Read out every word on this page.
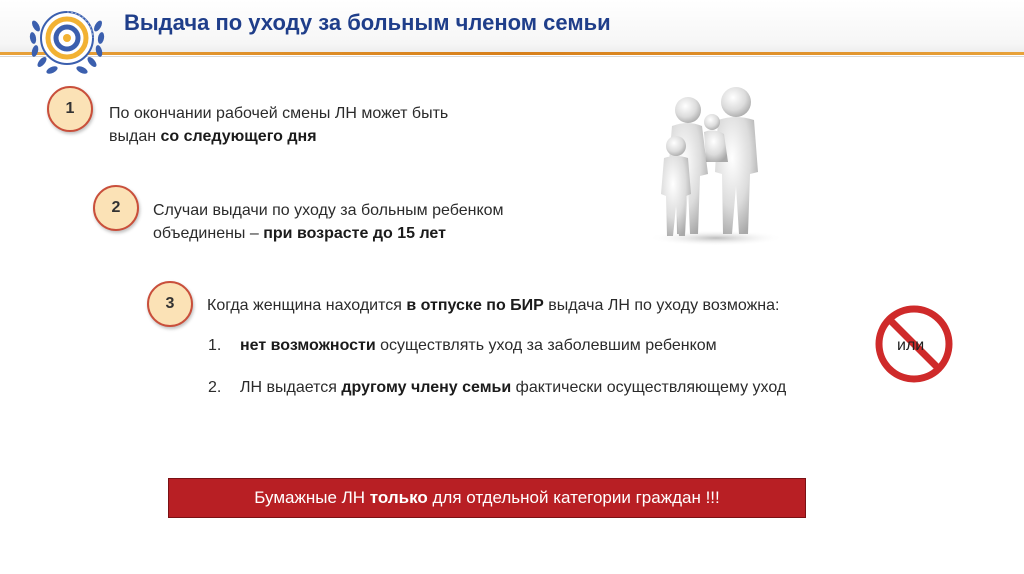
Выдача по уходу за больным членом семьи
1	По окончании рабочей смены ЛН может быть
выдан со следующего дня
2	Случаи выдачи по уходу за больным ребенком
объединены – при возрасте до 15 лет
3	Когда женщина находится в отпуске по БИР выдача ЛН по уходу возможна:
1. нет возможности осуществлять уход за заболевшим ребенком
2. ЛН выдается другому члену семьи фактически осуществляющему уход
или
Бумажные ЛН только для отдельной категории граждан !!!
